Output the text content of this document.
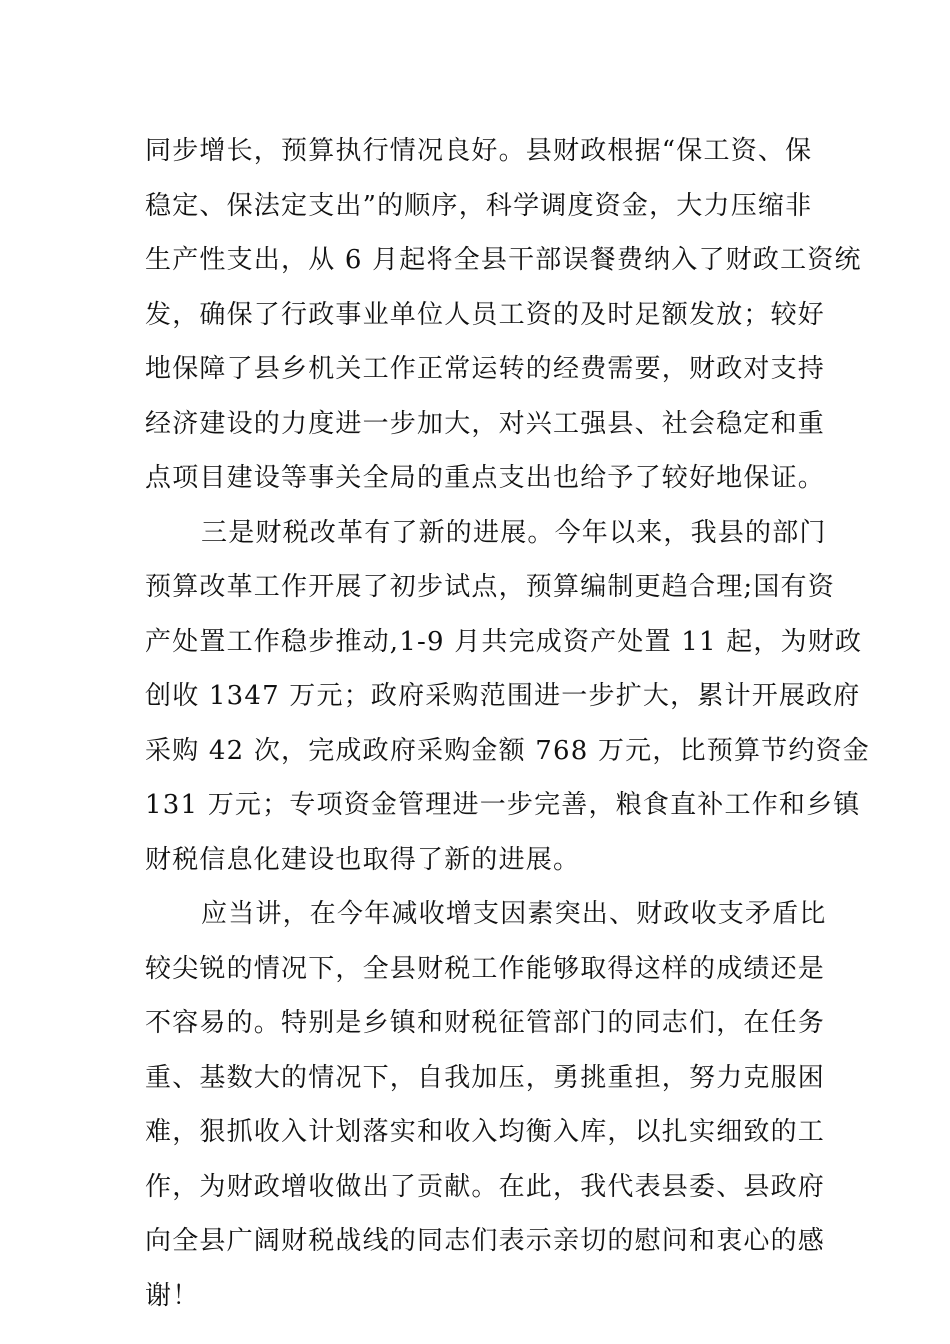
同步增长，预算执行情况良好。县财政根据“保工资、保
稳定、保法定支出”的顺序，科学调度资金，大力压缩非
生产性支出，从 6 月起将全县干部误餐费纳入了财政工资统
发，确保了行政事业单位人员工资的及时足额发放；较好
地保障了县乡机关工作正常运转的经费需要，财政对支持
经济建设的力度进一步加大，对兴工强县、社会稳定和重
点项目建设等事关全局的重点支出也给予了较好地保证。
三是财税改革有了新的进展。今年以来，我县的部门
预算改革工作开展了初步试点，预算编制更趋合理;国有资
产处置工作稳步推动,1-9 月共完成资产处置 11 起，为财政
创收 1347 万元；政府采购范围进一步扩大，累计开展政府
采购 42 次，完成政府采购金额 768 万元，比预算节约资金
131 万元；专项资金管理进一步完善，粮食直补工作和乡镇
财税信息化建设也取得了新的进展。
应当讲，在今年减收增支因素突出、财政收支矛盾比
较尖锐的情况下，全县财税工作能够取得这样的成绩还是
不容易的。特别是乡镇和财税征管部门的同志们，在任务
重、基数大的情况下，自我加压，勇挑重担，努力克服困
难，狠抓收入计划落实和收入均衡入库，以扎实细致的工
作，为财政增收做出了贡献。在此，我代表县委、县政府
向全县广阔财税战线的同志们表示亲切的慰问和衷心的感
谢！
